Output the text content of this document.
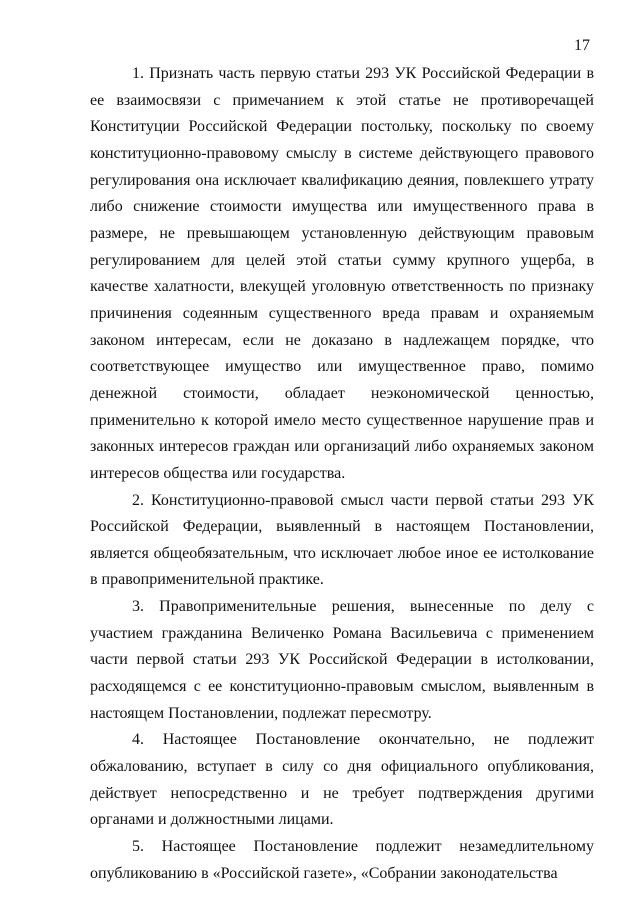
17

1. Признать часть первую статьи 293 УК Российской Федерации в ее взаимосвязи с примечанием к этой статье не противоречащей Конституции Российской Федерации постольку, поскольку по своему конституционно-правовому смыслу в системе действующего правового регулирования она исключает квалификацию деяния, повлекшего утрату либо снижение стоимости имущества или имущественного права в размере, не превышающем установленную действующим правовым регулированием для целей этой статьи сумму крупного ущерба, в качестве халатности, влекущей уголовную ответственность по признаку причинения содеянным существенного вреда правам и охраняемым законом интересам, если не доказано в надлежащем порядке, что соответствующее имущество или имущественное право, помимо денежной стоимости, обладает неэкономической ценностью, применительно к которой имело место существенное нарушение прав и законных интересов граждан или организаций либо охраняемых законом интересов общества или государства.

2. Конституционно-правовой смысл части первой статьи 293 УК Российской Федерации, выявленный в настоящем Постановлении, является общеобязательным, что исключает любое иное ее истолкование в правоприменительной практике.

3. Правоприменительные решения, вынесенные по делу с участием гражданина Величенко Романа Васильевича с применением части первой статьи 293 УК Российской Федерации в истолковании, расходящемся с ее конституционно-правовым смыслом, выявленным в настоящем Постановлении, подлежат пересмотру.

4. Настоящее Постановление окончательно, не подлежит обжалованию, вступает в силу со дня официального опубликования, действует непосредственно и не требует подтверждения другими органами и должностными лицами.

5. Настоящее Постановление подлежит незамедлительному опубликованию в «Российской газете», «Собрании законодательства
